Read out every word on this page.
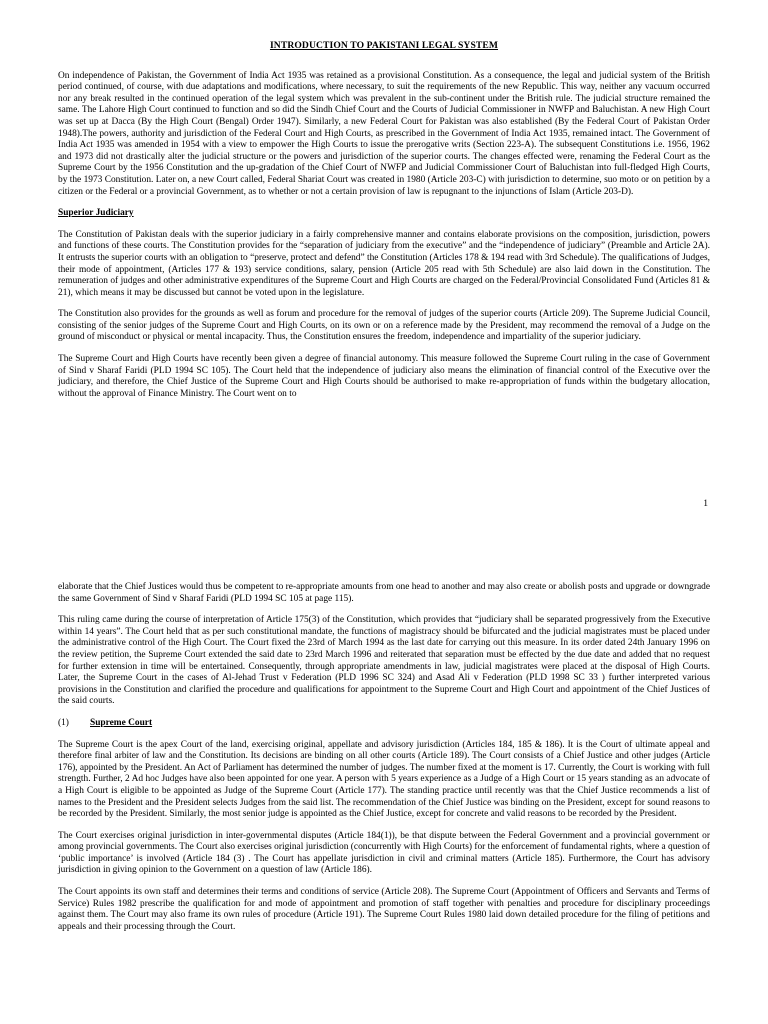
INTRODUCTION TO PAKISTANI LEGAL SYSTEM

On independence of Pakistan, the Government of India Act 1935 was retained as a provisional Constitution. As a consequence, the legal and judicial system of the British period continued, of course, with due adaptations and modifications, where necessary, to suit the requirements of the new Republic. This way, neither any vacuum occurred nor any break resulted in the continued operation of the legal system which was prevalent in the sub-continent under the British rule. The judicial structure remained the same. The Lahore High Court continued to function and so did the Sindh Chief Court and the Courts of Judicial Commissioner in NWFP and Baluchistan. A new High Court was set up at Dacca (By the High Court (Bengal) Order 1947). Similarly, a new Federal Court for Pakistan was also established (By the Federal Court of Pakistan Order 1948).The powers, authority and jurisdiction of the Federal Court and High Courts, as prescribed in the Government of India Act 1935, remained intact. The Government of India Act 1935 was amended in 1954 with a view to empower the High Courts to issue the prerogative writs (Section 223-A). The subsequent Constitutions i.e. 1956, 1962 and 1973 did not drastically alter the judicial structure or the powers and jurisdiction of the superior courts. The changes effected were, renaming the Federal Court as the Supreme Court by the 1956 Constitution and the up-gradation of the Chief Court of NWFP and Judicial Commissioner Court of Baluchistan into full-fledged High Courts, by the 1973 Constitution. Later on, a new Court called, Federal Shariat Court was created in 1980 (Article 203-C) with jurisdiction to determine, suo moto or on petition by a citizen or the Federal or a provincial Government, as to whether or not a certain provision of law is repugnant to the injunctions of Islam (Article 203-D).

Superior Judiciary

The Constitution of Pakistan deals with the superior judiciary in a fairly comprehensive manner and contains elaborate provisions on the composition, jurisdiction, powers and functions of these courts. The Constitution provides for the “separation of judiciary from the executive” and the “independence of judiciary” (Preamble and Article 2A). It entrusts the superior courts with an obligation to “preserve, protect and defend” the Constitution (Articles 178 & 194 read with 3rd Schedule). The qualifications of Judges, their mode of appointment, (Articles 177 & 193) service conditions, salary, pension (Article 205 read with 5th Schedule) are also laid down in the Constitution. The remuneration of judges and other administrative expenditures of the Supreme Court and High Courts are charged on the Federal/Provincial Consolidated Fund (Articles 81 & 21), which means it may be discussed but cannot be voted upon in the legislature.

The Constitution also provides for the grounds as well as forum and procedure for the removal of judges of the superior courts (Article 209). The Supreme Judicial Council, consisting of the senior judges of the Supreme Court and High Courts, on its own or on a reference made by the President, may recommend the removal of a Judge on the ground of misconduct or physical or mental incapacity. Thus, the Constitution ensures the freedom, independence and impartiality of the superior judiciary.

The Supreme Court and High Courts have recently been given a degree of financial autonomy. This measure followed the Supreme Court ruling in the case of Government of Sind v Sharaf Faridi (PLD 1994 SC 105). The Court held that the independence of judiciary also means the elimination of financial control of the Executive over the judiciary, and therefore, the Chief Justice of the Supreme Court and High Courts should be authorised to make re-appropriation of funds within the budgetary allocation, without the approval of Finance Ministry. The Court went on to

1

elaborate that the Chief Justices would thus be competent to re-appropriate amounts from one head to another and may also create or abolish posts and upgrade or downgrade the same Government of Sind v Sharaf Faridi (PLD 1994 SC 105 at page 115).

This ruling came during the course of interpretation of Article 175(3) of the Constitution, which provides that “judiciary shall be separated progressively from the Executive within 14 years”. The Court held that as per such constitutional mandate, the functions of magistracy should be bifurcated and the judicial magistrates must be placed under the administrative control of the High Court. The Court fixed the 23rd of March 1994 as the last date for carrying out this measure. In its order dated 24th January 1996 on the review petition, the Supreme Court extended the said date to 23rd March 1996 and reiterated that separation must be effected by the due date and added that no request for further extension in time will be entertained. Consequently, through appropriate amendments in law, judicial magistrates were placed at the disposal of High Courts. Later, the Supreme Court in the cases of Al-Jehad Trust v Federation (PLD 1996 SC 324) and Asad Ali v Federation (PLD 1998 SC 33 ) further interpreted various provisions in the Constitution and clarified the procedure and qualifications for appointment to the Supreme Court and High Court and appointment of the Chief Justices of the said courts.

(1) Supreme Court

The Supreme Court is the apex Court of the land, exercising original, appellate and advisory jurisdiction (Articles 184, 185 & 186). It is the Court of ultimate appeal and therefore final arbiter of law and the Constitution. Its decisions are binding on all other courts (Article 189). The Court consists of a Chief Justice and other judges (Article 176), appointed by the President. An Act of Parliament has determined the number of judges. The number fixed at the moment is 17. Currently, the Court is working with full strength. Further, 2 Ad hoc Judges have also been appointed for one year. A person with 5 years experience as a Judge of a High Court or 15 years standing as an advocate of a High Court is eligible to be appointed as Judge of the Supreme Court (Article 177). The standing practice until recently was that the Chief Justice recommends a list of names to the President and the President selects Judges from the said list. The recommendation of the Chief Justice was binding on the President, except for sound reasons to be recorded by the President. Similarly, the most senior judge is appointed as the Chief Justice, except for concrete and valid reasons to be recorded by the President.

The Court exercises original jurisdiction in inter-governmental disputes (Article 184(1)), be that dispute between the Federal Government and a provincial government or among provincial governments. The Court also exercises original jurisdiction (concurrently with High Courts) for the enforcement of fundamental rights, where a question of ‘public importance’ is involved (Article 184 (3) . The Court has appellate jurisdiction in civil and criminal matters (Article 185). Furthermore, the Court has advisory jurisdiction in giving opinion to the Government on a question of law (Article 186).

The Court appoints its own staff and determines their terms and conditions of service (Article 208). The Supreme Court (Appointment of Officers and Servants and Terms of Service) Rules 1982 prescribe the qualification for and mode of appointment and promotion of staff together with penalties and procedure for disciplinary proceedings against them. The Court may also frame its own rules of procedure (Article 191). The Supreme Court Rules 1980 laid down detailed procedure for the filing of petitions and appeals and their processing through the Court.
